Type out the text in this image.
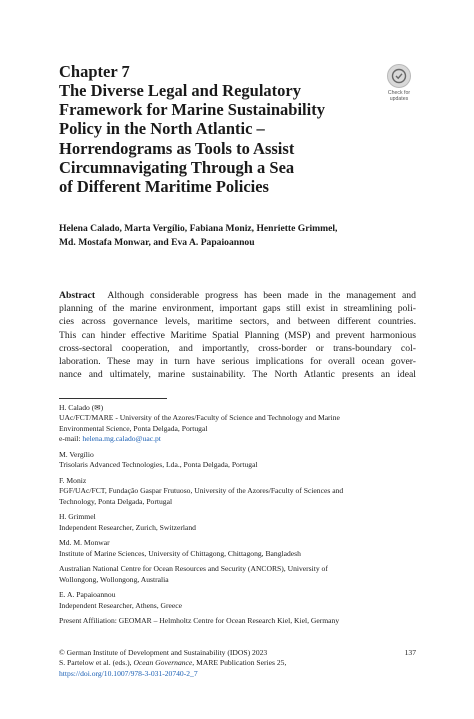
Chapter 7
The Diverse Legal and Regulatory
Framework for Marine Sustainability
Policy in the North Atlantic –
Horrendograms as Tools to Assist
Circumnavigating Through a Sea
of Different Maritime Policies
Check for
updates
Helena Calado, Marta Vergílio, Fabiana Moniz, Henriette Grimmel,
Md. Mostafa Monwar, and Eva A. Papaioannou
Abstract Although considerable progress has been made in the management and
planning of the marine environment, important gaps still exist in streamlining poli-
cies across governance levels, maritime sectors, and between different countries.
This can hinder effective Maritime Spatial Planning (MSP) and prevent harmonious
cross-sectoral cooperation, and importantly, cross-border or trans-boundary col-
laboration. These may in turn have serious implications for overall ocean gover-
nance and ultimately, marine sustainability. The North Atlantic presents an ideal
H. Calado (✉)
UAc/FCT/MARE - University of the Azores/Faculty of Science and Technology and Marine
Environmental Science, Ponta Delgada, Portugal
e-mail: helena.mg.calado@uac.pt
M. Vergílio
Trisolaris Advanced Technologies, Lda., Ponta Delgada, Portugal
F. Moniz
FGF/UAc/FCT, Fundação Gaspar Frutuoso, University of the Azores/Faculty of Sciences and
Technology, Ponta Delgada, Portugal
H. Grimmel
Independent Researcher, Zurich, Switzerland
Md. M. Monwar
Institute of Marine Sciences, University of Chittagong, Chittagong, Bangladesh
Australian National Centre for Ocean Resources and Security (ANCORS), University of
Wollongong, Wollongong, Australia
E. A. Papaioannou
Independent Researcher, Athens, Greece
Present Affiliation: GEOMAR – Helmholtz Centre for Ocean Research Kiel, Kiel, Germany
© German Institute of Development and Sustainability (IDOS) 2023
S. Partelow et al. (eds.), Ocean Governance, MARE Publication Series 25,
https://doi.org/10.1007/978-3-031-20740-2_7
137
